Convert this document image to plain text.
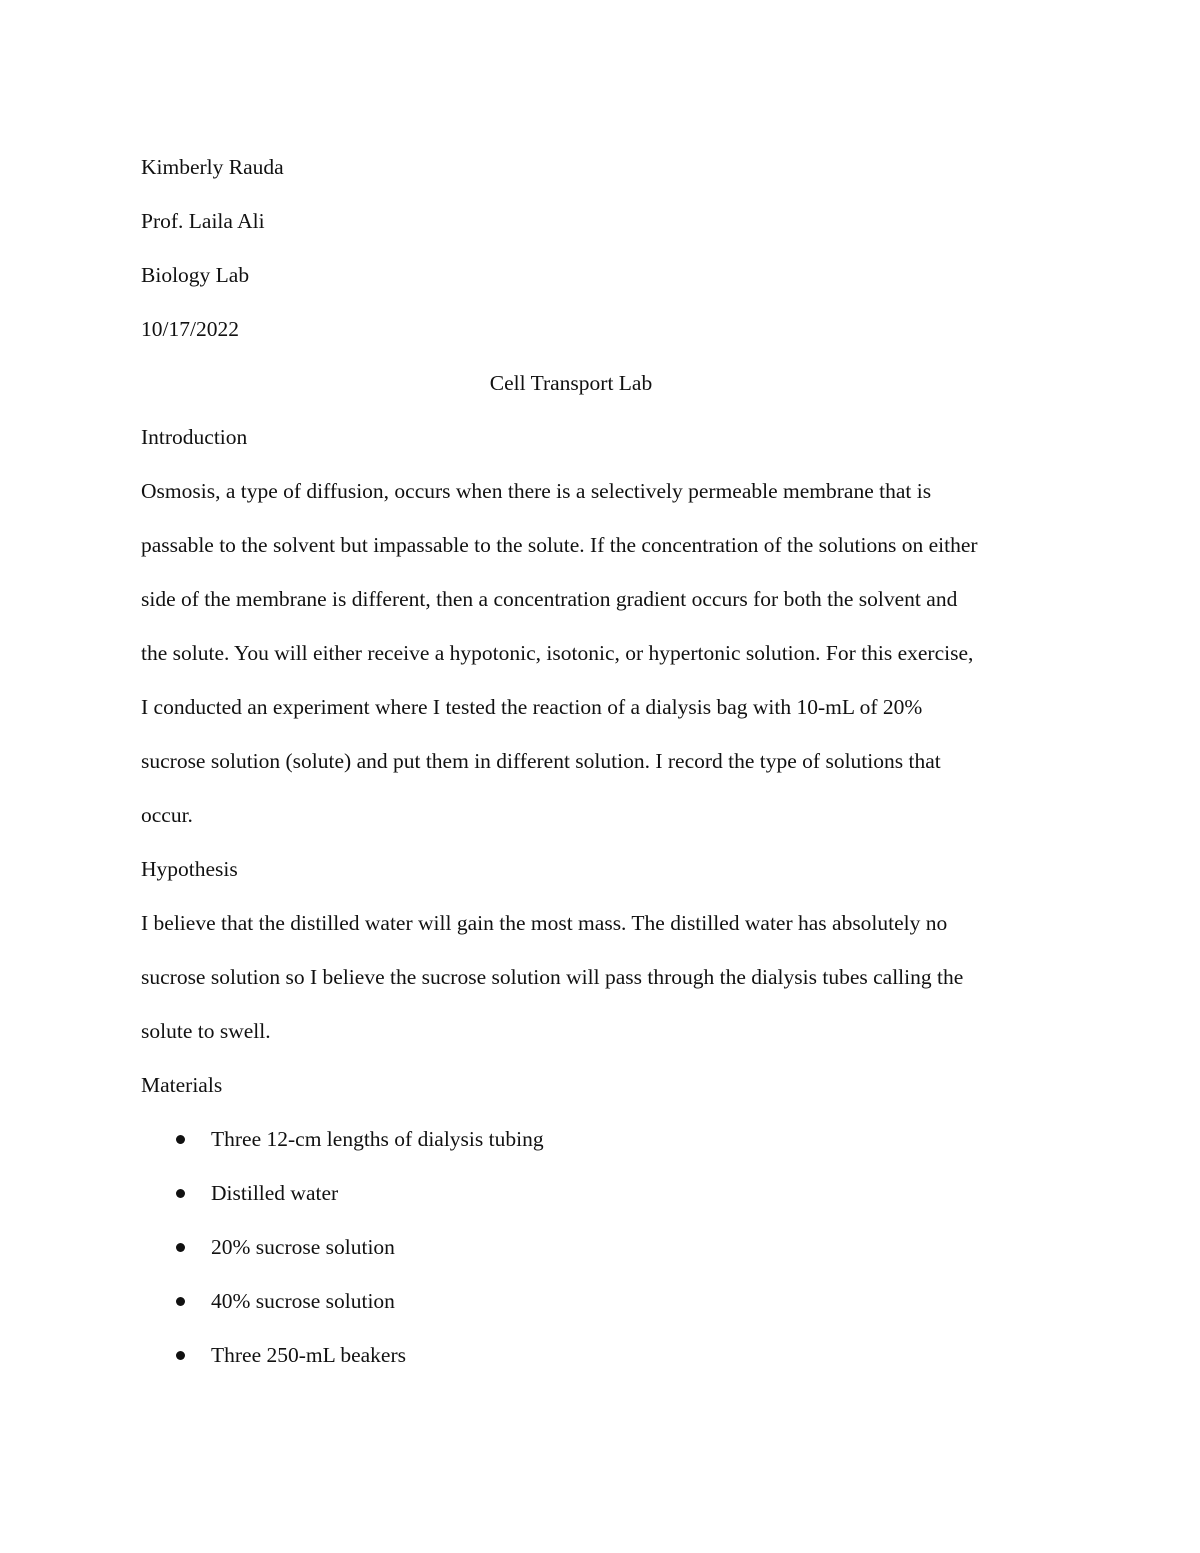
Kimberly Rauda

Prof. Laila Ali

Biology Lab

10/17/2022

Cell Transport Lab

Introduction

Osmosis, a type of diffusion, occurs when there is a selectively permeable membrane that is

passable to the solvent but impassable to the solute. If the concentration of the solutions on either

side of the membrane is different, then a concentration gradient occurs for both the solvent and

the solute. You will either receive a hypotonic, isotonic, or hypertonic solution. For this exercise,

I conducted an experiment where I tested the reaction of a dialysis bag with 10-mL of 20%

sucrose solution (solute) and put them in different solution. I record the type of solutions that

occur.

Hypothesis

I believe that the distilled water will gain the most mass. The distilled water has absolutely no

sucrose solution so I believe the sucrose solution will pass through the dialysis tubes calling the

solute to swell.

Materials

Three 12-cm lengths of dialysis tubing
Distilled water
20% sucrose solution
40% sucrose solution
Three 250-mL beakers
